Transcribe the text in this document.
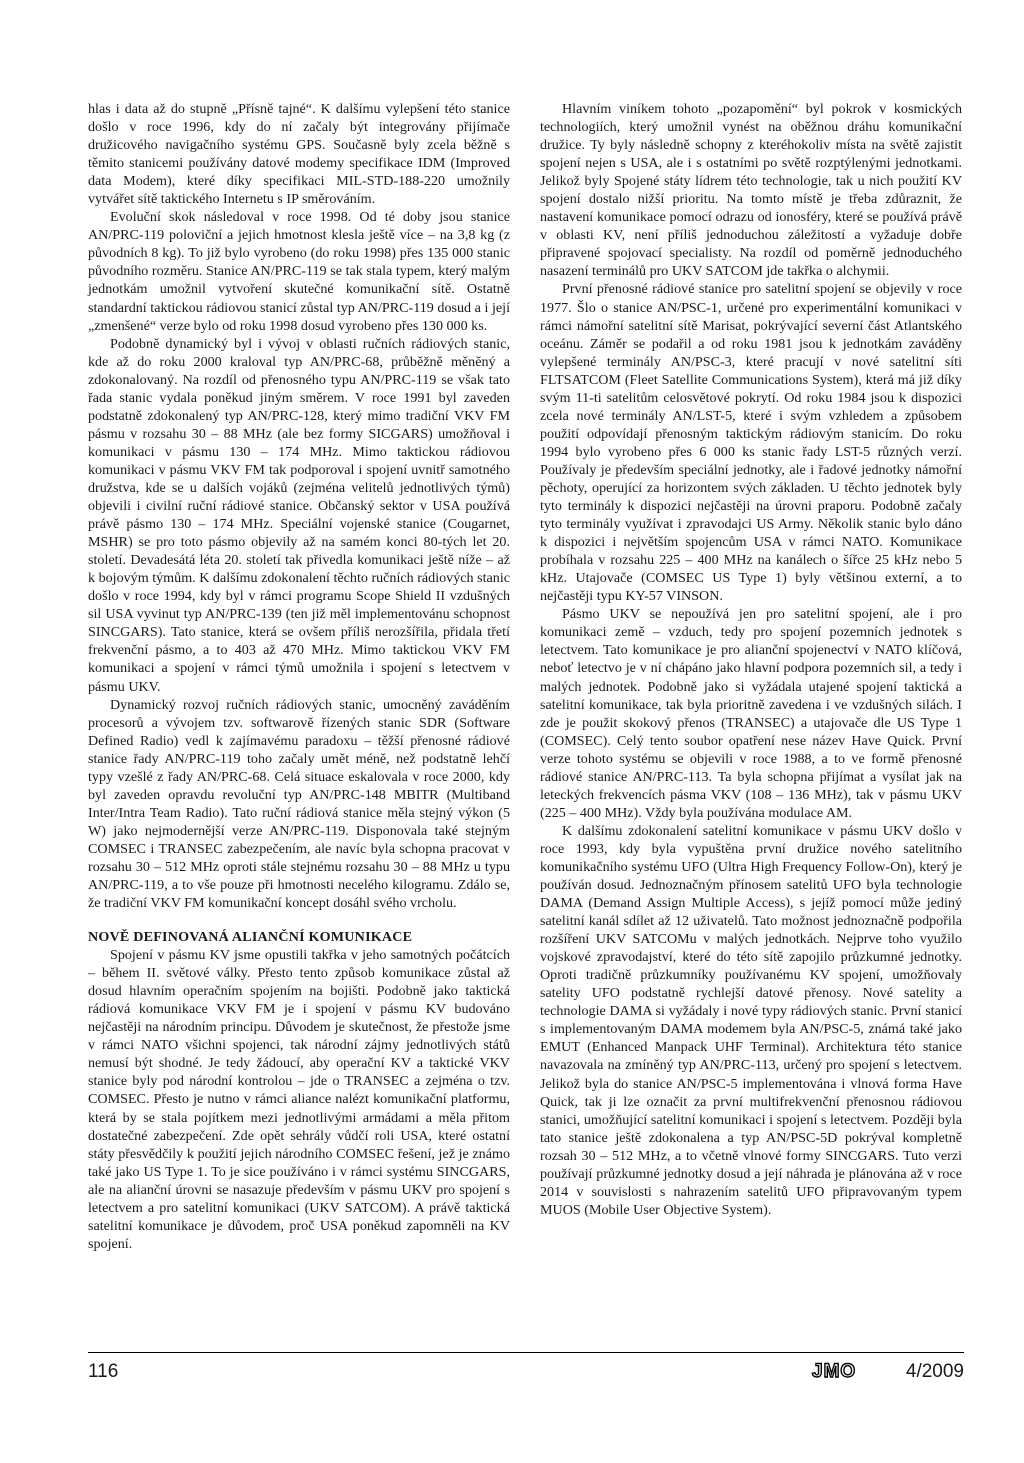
hlas i data až do stupně „Přísně tajné“. K dalšímu vylepšení této stanice došlo v roce 1996, kdy do ní začaly být integrovány přijímače družicového navigačního systému GPS. Současně byly zcela běžně s těmito stanicemi používány datové modemy specifikace IDM (Improved data Modem), které díky specifikaci MIL-STD-188-220 umožnily vytvářet sítě taktického Internetu s IP směrováním.

Evoluční skok následoval v roce 1998. Od té doby jsou stanice AN/PRC-119 poloviční a jejich hmotnost klesla ještě více – na 3,8 kg (z původních 8 kg). To již bylo vyrobeno (do roku 1998) přes 135 000 stanic původního rozměru. Stanice AN/PRC-119 se tak stala typem, který malým jednotkám umožnil vytvoření skutečné komunikační sítě. Ostatně standardní taktickou rádiovou stanicí zůstal typ AN/PRC-119 dosud a i její „zmenšené“ verze bylo od roku 1998 dosud vyrobeno přes 130 000 ks.

Podobně dynamický byl i vývoj v oblasti ručních rádiových stanic, kde až do roku 2000 kraloval typ AN/PRC-68, průběžně měněný a zdokonalovaný. Na rozdíl od přenosného typu AN/PRC-119 se však tato řada stanic vydala poněkud jiným směrem. V roce 1991 byl zaveden podstatně zdokonalený typ AN/PRC-128, který mimo tradiční VKV FM pásmu v rozsahu 30 – 88 MHz (ale bez formy SICGARS) umožňoval i komunikaci v pásmu 130 – 174 MHz. Mimo taktickou rádiovou komunikaci v pásmu VKV FM tak podporoval i spojení uvnitř samotného družstva, kde se u dalších vojáků (zejména velitelů jednotlivých týmů) objevili i civilní ruční rádiové stanice. Občanský sektor v USA používá právě pásmo 130 – 174 MHz. Speciální vojenské stanice (Cougarnet, MSHR) se pro toto pásmo objevily až na samém konci 80-tých let 20. století. Devadesátá léta 20. století tak přivedla komunikaci ještě níže – až k bojovým týmům. K dalšímu zdokonalení těchto ručních rádiových stanic došlo v roce 1994, kdy byl v rámci programu Scope Shield II vzdušných sil USA vyvinut typ AN/PRC-139 (ten již měl implementovánu schopnost SINCGARS). Tato stanice, která se ovšem příliš nerozšířila, přidala třetí frekvenční pásmo, a to 403 až 470 MHz. Mimo taktickou VKV FM komunikaci a spojení v rámci týmů umožnila i spojení s letectvem v pásmu UKV.

Dynamický rozvoj ručních rádiových stanic, umocněný zaváděním procesorů a vývojem tzv. softwarově řízených stanic SDR (Software Defined Radio) vedl k zajímavému paradoxu – těžší přenosné rádiové stanice řady AN/PRC-119 toho začaly umět méně, než podstatně lehčí typy vzešlé z řady AN/PRC-68. Celá situace eskalovala v roce 2000, kdy byl zaveden opravdu revoluční typ AN/PRC-148 MBITR (Multiband Inter/Intra Team Radio). Tato ruční rádiová stanice měla stejný výkon (5 W) jako nejmodernější verze AN/PRC-119. Disponovala také stejným COMSEC i TRANSEC zabezpečením, ale navíc byla schopna pracovat v rozsahu 30 – 512 MHz oproti stále stejnému rozsahu 30 – 88 MHz u typu AN/PRC-119, a to vše pouze při hmotnosti necelého kilogramu. Zdálo se, že tradiční VKV FM komunikační koncept dosáhl svého vrcholu.

NOVĚ DEFINOVANÁ ALIANČNÍ KOMUNIKACE

Spojení v pásmu KV jsme opustili takřka v jeho samotných počátcích – během II. světové války. Přesto tento způsob komunikace zůstal až dosud hlavním operačním spojením na bojišti. Podobně jako taktická rádiová komunikace VKV FM je i spojení v pásmu KV budováno nejčastěji na národním principu. Důvodem je skutečnost, že přestože jsme v rámci NATO všichni spojenci, tak národní zájmy jednotlivých států nemusí být shodné. Je tedy žádoucí, aby operační KV a taktické VKV stanice byly pod národní kontrolou – jde o TRANSEC a zejména o tzv. COMSEC. Přesto je nutno v rámci aliance nalézt komunikační platformu, která by se stala pojítkem mezi jednotlivými armádami a měla přitom dostatečné zabezpečení. Zde opět sehrály vůdčí roli USA, které ostatní státy přesvědčily k použití jejich národního COMSEC řešení, jež je známo také jako US Type 1. To je sice používáno i v rámci systému SINCGARS, ale na alianční úrovni se nasazuje především v pásmu UKV pro spojení s letectvem a pro satelitní komunikaci (UKV SATCOM). A právě taktická satelitní komunikace je důvodem, proč USA poněkud zapomněli na KV spojení.

Hlavním viníkem tohoto „pozapomění“ byl pokrok v kosmických technologiích, který umožnil vynést na oběžnou dráhu komunikační družice. Ty byly následně schopny z kteréhokoliv místa na světě zajistit spojení nejen s USA, ale i s ostatními po světě rozptýlenými jednotkami. Jelikož byly Spojené státy lídrem této technologie, tak u nich použití KV spojení dostalo nižší prioritu. Na tomto místě je třeba zdůraznit, že nastavení komunikace pomocí odrazu od ionosféry, které se používá právě v oblasti KV, není příliš jednoduchou záležitostí a vyžaduje dobře připravené spojovací specialisty. Na rozdíl od poměrně jednoduchého nasazení terminálů pro UKV SATCOM jde takřka o alchymii.

První přenosné rádiové stanice pro satelitní spojení se objevily v roce 1977. Šlo o stanice AN/PSC-1, určené pro experimentální komunikaci v rámci námořní satelitní sítě Marisat, pokrývající severní část Atlantského oceánu. Záměr se podařil a od roku 1981 jsou k jednotkám zaváděny vylepšené terminály AN/PSC-3, které pracují v nové satelitní síti FLTSATCOM (Fleet Satellite Communications System), která má již díky svým 11-ti satelitům celosvětové pokrytí. Od roku 1984 jsou k dispozici zcela nové terminály AN/LST-5, které i svým vzhledem a způsobem použití odpovídají přenosným taktickým rádiovým stanicím. Do roku 1994 bylo vyrobeno přes 6 000 ks stanic řady LST-5 různých verzí. Používaly je především speciální jednotky, ale i řadové jednotky námořní pěchoty, operující za horizontem svých základen. U těchto jednotek byly tyto terminály k dispozici nejčastěji na úrovni praporu. Podobně začaly tyto terminály využívat i zpravodajci US Army. Několik stanic bylo dáno k dispozici i největším spojencům USA v rámci NATO. Komunikace probíhala v rozsahu 225 – 400 MHz na kanálech o šířce 25 kHz nebo 5 kHz. Utajovače (COMSEC US Type 1) byly většinou externí, a to nejčastěji typu KY-57 VINSON.

Pásmo UKV se nepoužívá jen pro satelitní spojení, ale i pro komunikaci země – vzduch, tedy pro spojení pozemních jednotek s letectvem. Tato komunikace je pro alianční spojenectví v NATO klíčová, neboť letectvo je v ní chápáno jako hlavní podpora pozemních sil, a tedy i malých jednotek. Podobně jako si vyžádala utajené spojení taktická a satelitní komunikace, tak byla prioritně zavedena i ve vzdušných silách. I zde je použit skokový přenos (TRANSEC) a utajovače dle US Type 1 (COMSEC). Celý tento soubor opatření nese název Have Quick. První verze tohoto systému se objevili v roce 1988, a to ve formě přenosné rádiové stanice AN/PRC-113. Ta byla schopna přijímat a vysílat jak na leteckých frekvencích pásma VKV (108 – 136 MHz), tak v pásmu UKV (225 – 400 MHz). Vždy byla používána modulace AM.

K dalšímu zdokonalení satelitní komunikace v pásmu UKV došlo v roce 1993, kdy byla vypuštěna první družice nového satelitního komunikačního systému UFO (Ultra High Frequency Follow-On), který je používán dosud. Jednoznačným přínosem satelitů UFO byla technologie DAMA (Demand Assign Multiple Access), s jejíž pomocí může jediný satelitní kanál sdílet až 12 uživatelů. Tato možnost jednoznačně podpořila rozšíření UKV SATCOMu v malých jednotkách. Nejprve toho využilo vojskové zpravodajství, které do této sítě zapojilo průzkumné jednotky. Oproti tradičně průzkumníky používanému KV spojení, umožňovaly satelity UFO podstatně rychlejší datové přenosy. Nové satelity a technologie DAMA si vyžádaly i nové typy rádiových stanic. První stanicí s implementovaným DAMA modemem byla AN/PSC-5, známá také jako EMUT (Enhanced Manpack UHF Terminal). Architektura této stanice navazovala na zmíněný typ AN/PRC-113, určený pro spojení s letectvem. Jelikož byla do stanice AN/PSC-5 implementována i vlnová forma Have Quick, tak ji lze označit za první multifrekvenční přenosnou rádiovou stanici, umožňující satelitní komunikaci i spojení s letectvem. Později byla tato stanice ještě zdokonalena a typ AN/PSC-5D pokrýval kompletně rozsah 30 – 512 MHz, a to včetně vlnové formy SINCGARS. Tuto verzi používají průzkumné jednotky dosud a její náhrada je plánována až v roce 2014 v souvislosti s nahrazením satelitů UFO připravovaným typem MUOS (Mobile User Objective System).

116	JMO	4/2009
